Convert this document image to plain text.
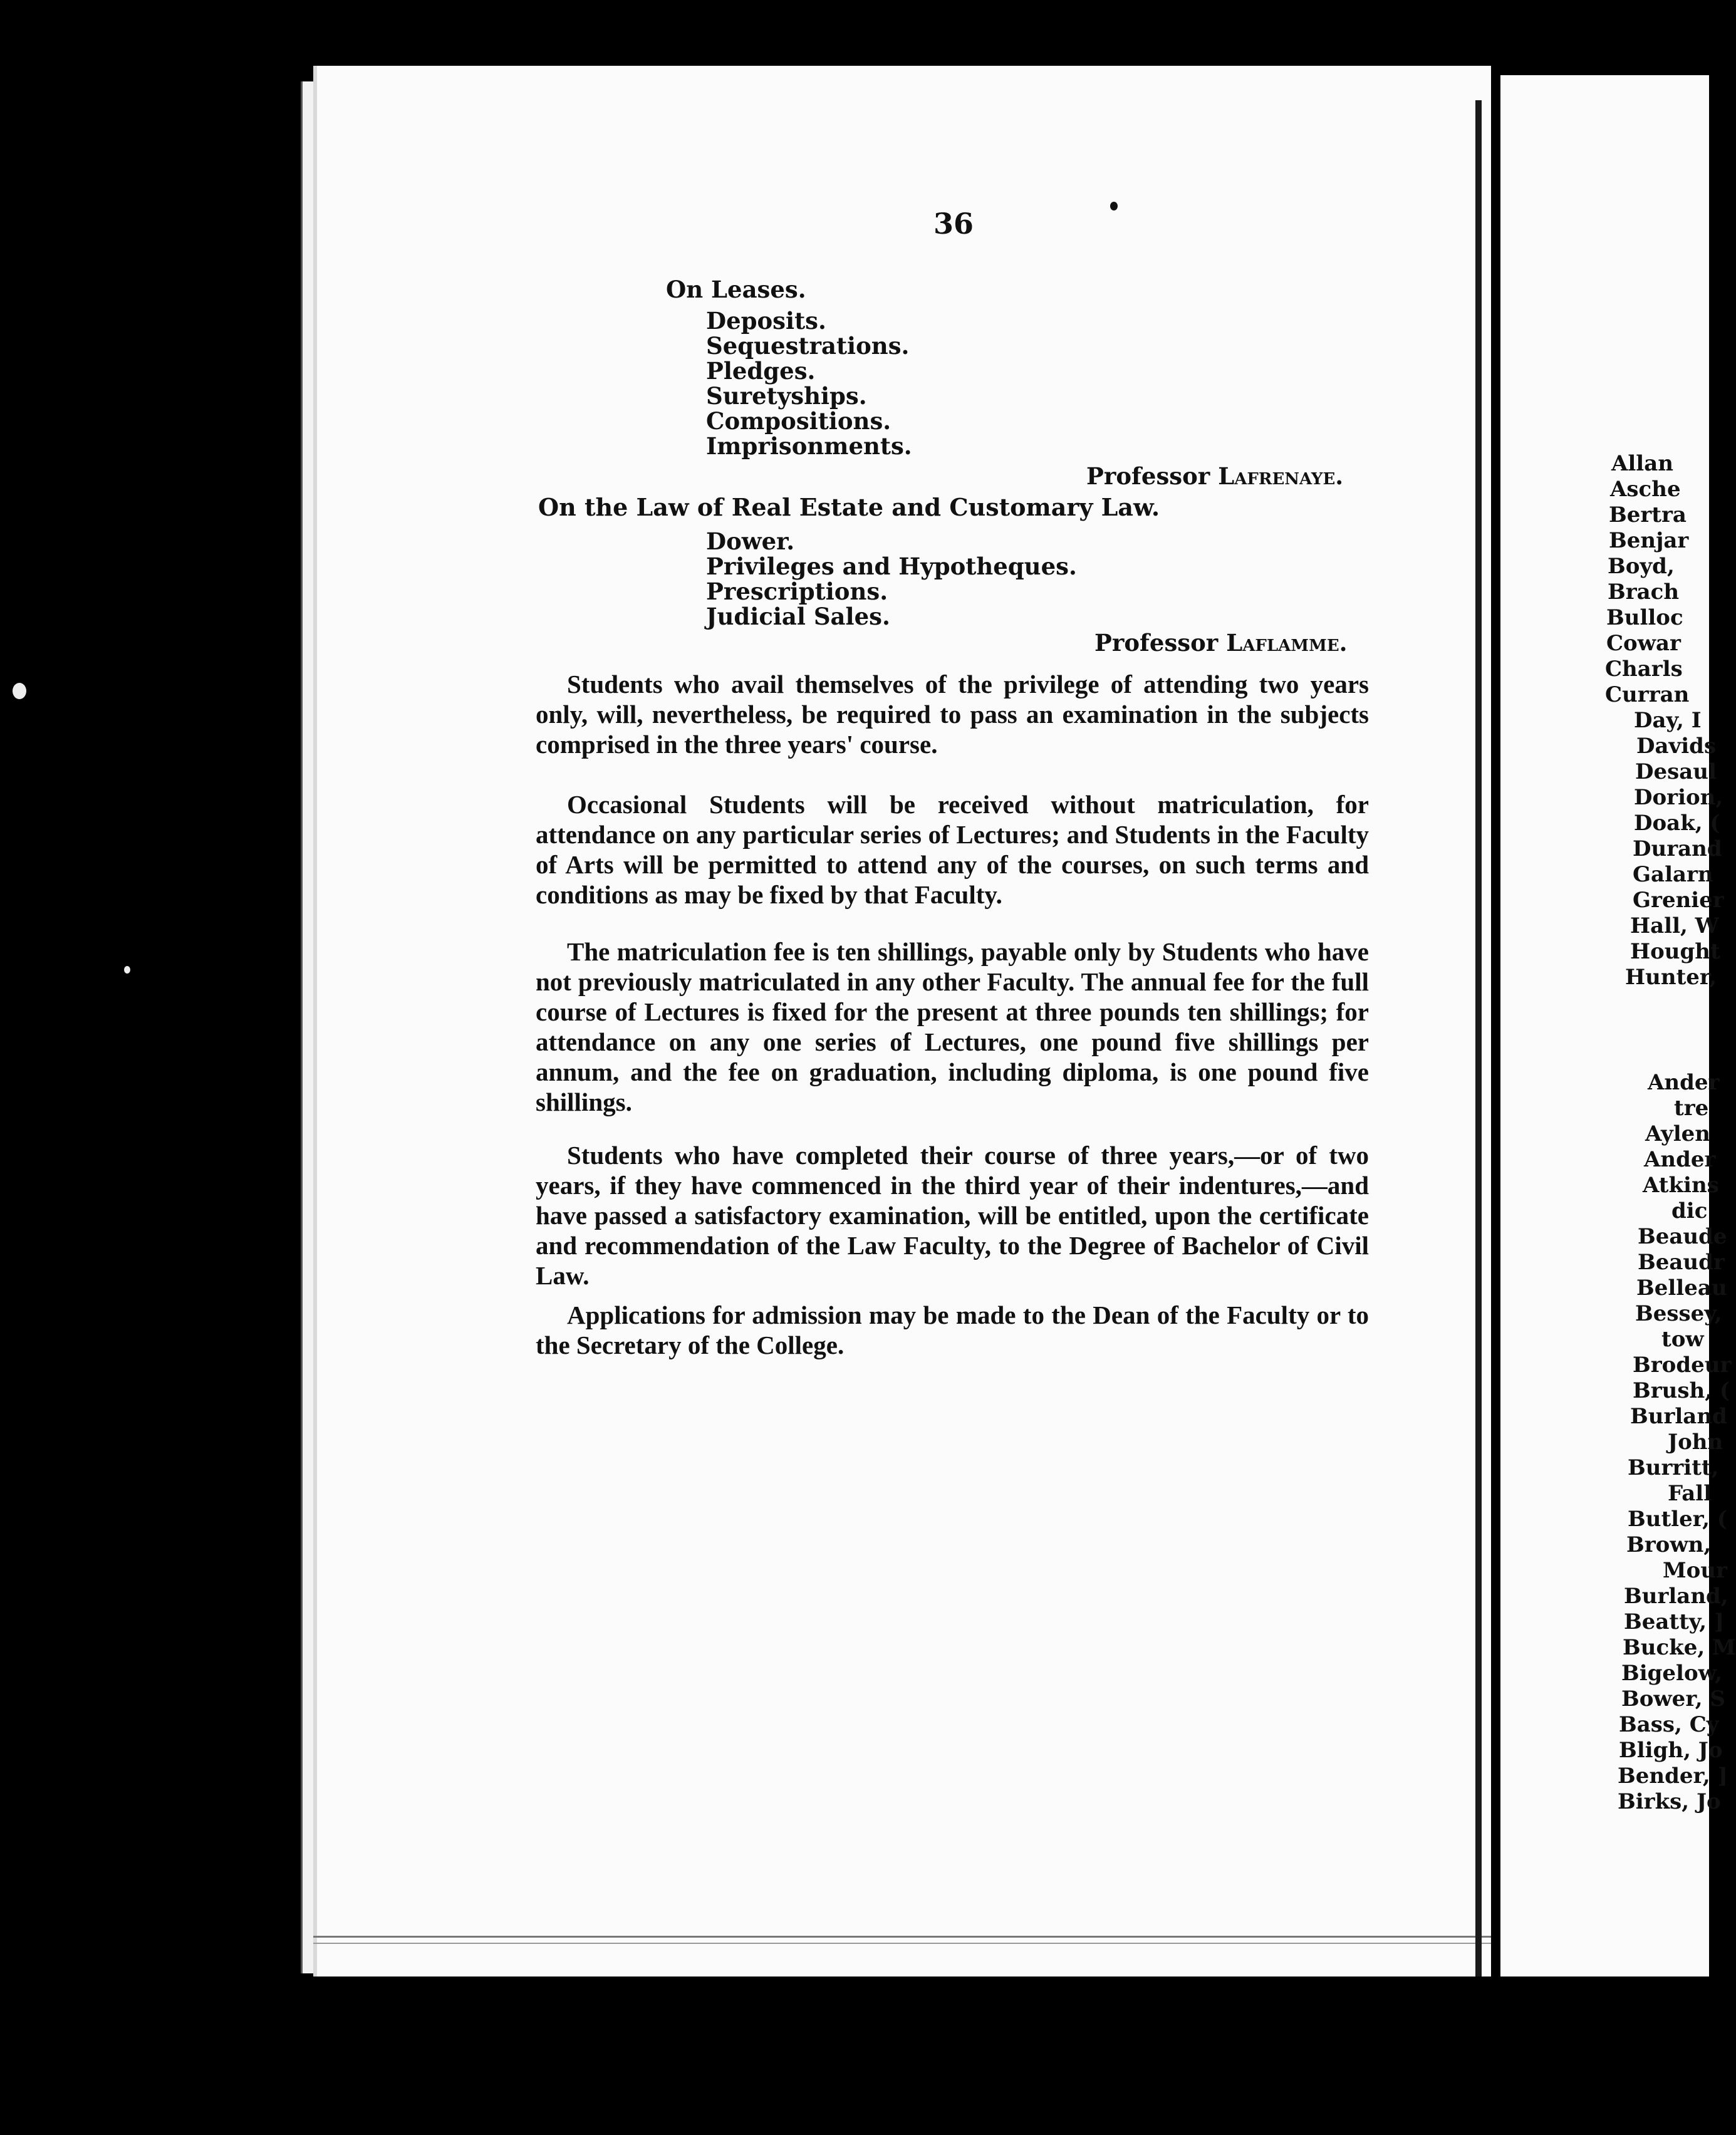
36
On Leases.
Deposits.
Sequestrations.
Pledges.
Suretyships.
Compositions.
Imprisonments.
Professor Lafrenaye.
On the Law of Real Estate and Customary Law.
Dower.
Privileges and Hypotheques.
Prescriptions.
Judicial Sales.
Professor Laflamme.
Students who avail themselves of the privilege of attending two years only, will, nevertheless, be required to pass an examination in the subjects comprised in the three years' course.
Occasional Students will be received without matriculation, for attendance on any particular series of Lectures; and Students in the Faculty of Arts will be permitted to attend any of the courses, on such terms and conditions as may be fixed by that Faculty.
The matriculation fee is ten shillings, payable only by Students who have not previously matriculated in any other Faculty. The annual fee for the full course of Lectures is fixed for the present at three pounds ten shillings; for attendance on any one series of Lectures, one pound five shillings per annum, and the fee on graduation, including diploma, is one pound five shillings.
Students who have completed their course of three years,—or of two years, if they have commenced in the third year of their indentures,—and have passed a satisfactory examination, will be entitled, upon the certificate and recommendation of the Law Faculty, to the Degree of Bachelor of Civil Law.
Applications for admission may be made to the Dean of the Faculty or to the Secretary of the College.
Allan
Asche
Bertra
Benjar
Boyd,
Brach
Bulloc
Cowar
Charls
Curran
Day, I
Davids
Desaul
Dorion,
Doak, (
Durand
Galarn
Grenier
Hall, W
Hought
Hunter,
Ander
tre
Aylen
Ander
Atkins
dic
Beaude
Beaudr
Belleau
Bessey,
tow
Brodeur
Brush, (
Burland
John
Burritt,
Fall
Butler, (
Brown,
Mour
Burland,
Beatty, ]
Bucke, M
Bigelow,
Bower, S
Bass, Cy
Bligh, Jo
Bender, ]
Birks, Jo
